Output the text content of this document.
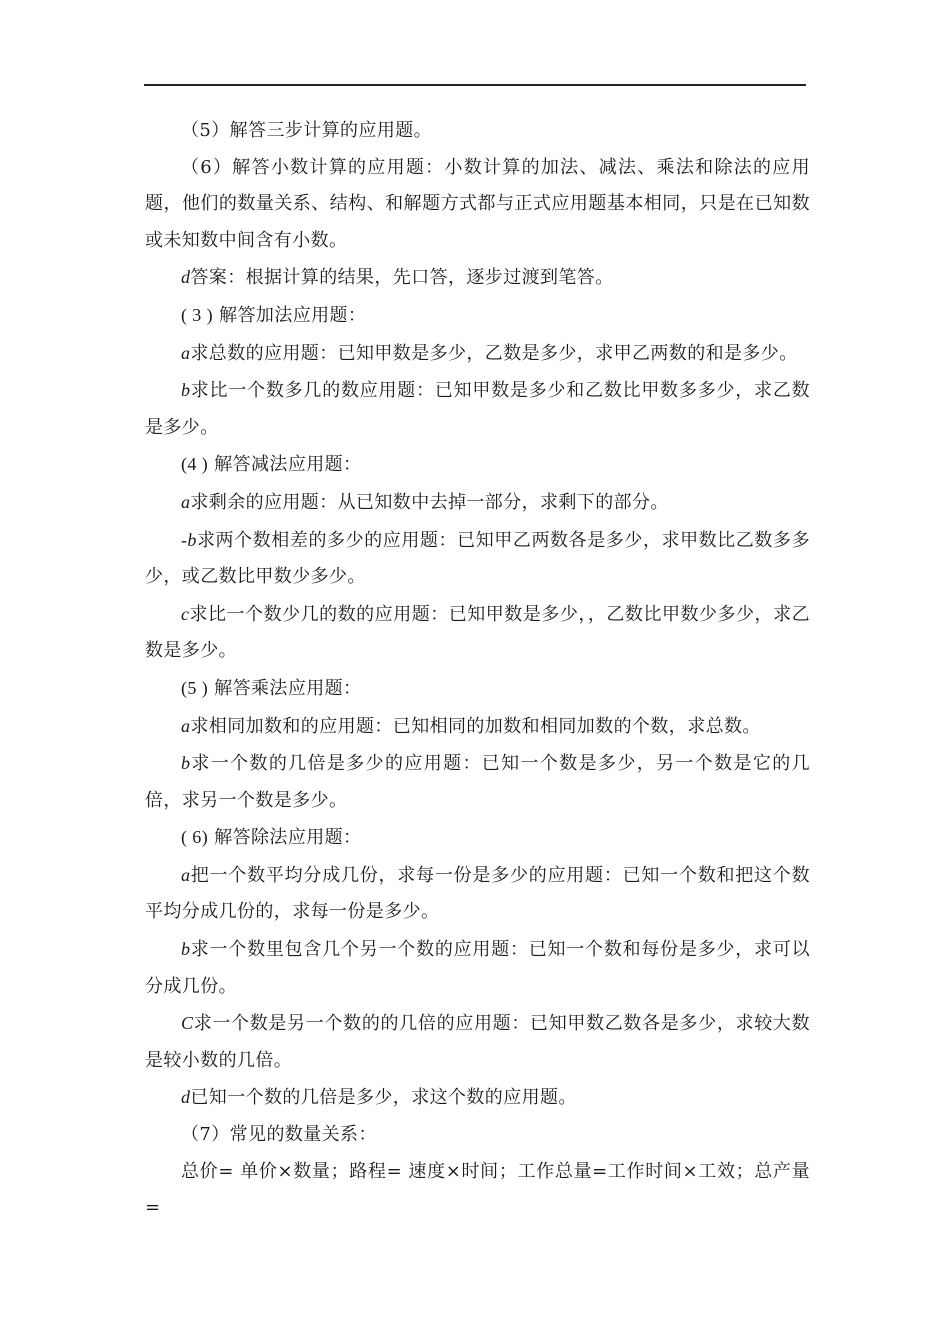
（5）解答三步计算的应用题。

（6）解答小数计算的应用题：小数计算的加法、减法、乘法和除法的应用题，他们的数量关系、结构、和解题方式都与正式应用题基本相同，只是在已知数或未知数中间含有小数。

d答案：根据计算的结果，先口答，逐步过渡到笔答。

( 3 ) 解答加法应用题：

a求总数的应用题：已知甲数是多少，乙数是多少，求甲乙两数的和是多少。

b求比一个数多几的数应用题：已知甲数是多少和乙数比甲数多多少，求乙数是多少。

(4 ) 解答减法应用题：

a求剩余的应用题：从已知数中去掉一部分，求剩下的部分。

-b求两个数相差的多少的应用题：已知甲乙两数各是多少，求甲数比乙数多多少，或乙数比甲数少多少。

c求比一个数少几的数的应用题：已知甲数是多少，，乙数比甲数少多少，求乙数是多少。

(5 ) 解答乘法应用题：

a求相同加数和的应用题：已知相同的加数和相同加数的个数，求总数。

b求一个数的几倍是多少的应用题：已知一个数是多少，另一个数是它的几倍，求另一个数是多少。

( 6) 解答除法应用题：

a把一个数平均分成几份，求每一份是多少的应用题：已知一个数和把这个数平均分成几份的，求每一份是多少。

b求一个数里包含几个另一个数的应用题：已知一个数和每份是多少，求可以分成几份。

C求一个数是另一个数的的几倍的应用题：已知甲数乙数各是多少，求较大数是较小数的几倍。

d已知一个数的几倍是多少，求这个数的应用题。

（7）常见的数量关系：

总价= 单价×数量；路程= 速度×时间；工作总量=工作时间×工效；总产量=
